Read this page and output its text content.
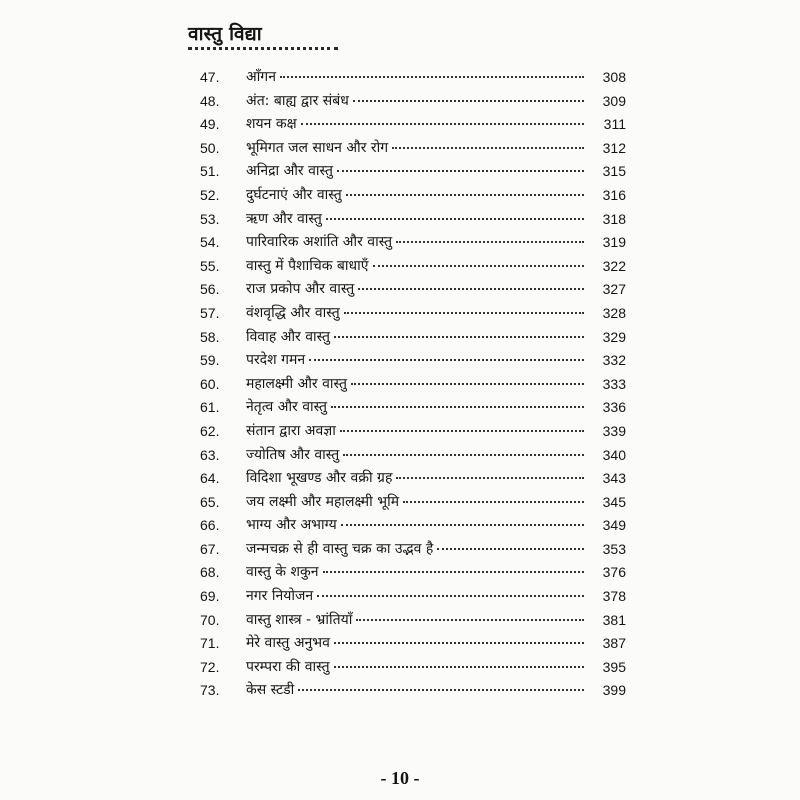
वास्तु विद्या
47.	आँगन	308
48.	अंत: बाह्य द्वार संबंध	309
49.	शयन कक्ष	311
50.	भूमिगत जल साधन और रोग	312
51.	अनिद्रा और वास्तु	315
52.	दुर्घटनाएं और वास्तु	316
53.	ऋण और वास्तु	318
54.	पारिवारिक अशांति और वास्तु	319
55.	वास्तु में पैशाचिक बाधाएँ	322
56.	राज प्रकोप और वास्तु	327
57.	वंशवृद्धि और वास्तु	328
58.	विवाह और वास्तु	329
59.	परदेश गमन	332
60.	महालक्ष्मी और वास्तु	333
61.	नेतृत्व और वास्तु	336
62.	संतान द्वारा अवज्ञा	339
63.	ज्योतिष और वास्तु	340
64.	विदिशा भूखण्ड और वक्री ग्रह	343
65.	जय लक्ष्मी और महालक्ष्मी भूमि	345
66.	भाग्य और अभाग्य	349
67.	जन्मचक्र से ही वास्तु चक्र का उद्भव है	353
68.	वास्तु के शकुन	376
69.	नगर नियोजन	378
70.	वास्तु शास्त्र - भ्रांतियाँ	381
71.	मेरे वास्तु अनुभव	387
72.	परम्परा की वास्तु	395
73.	केस स्टडी	399
- 10 -
